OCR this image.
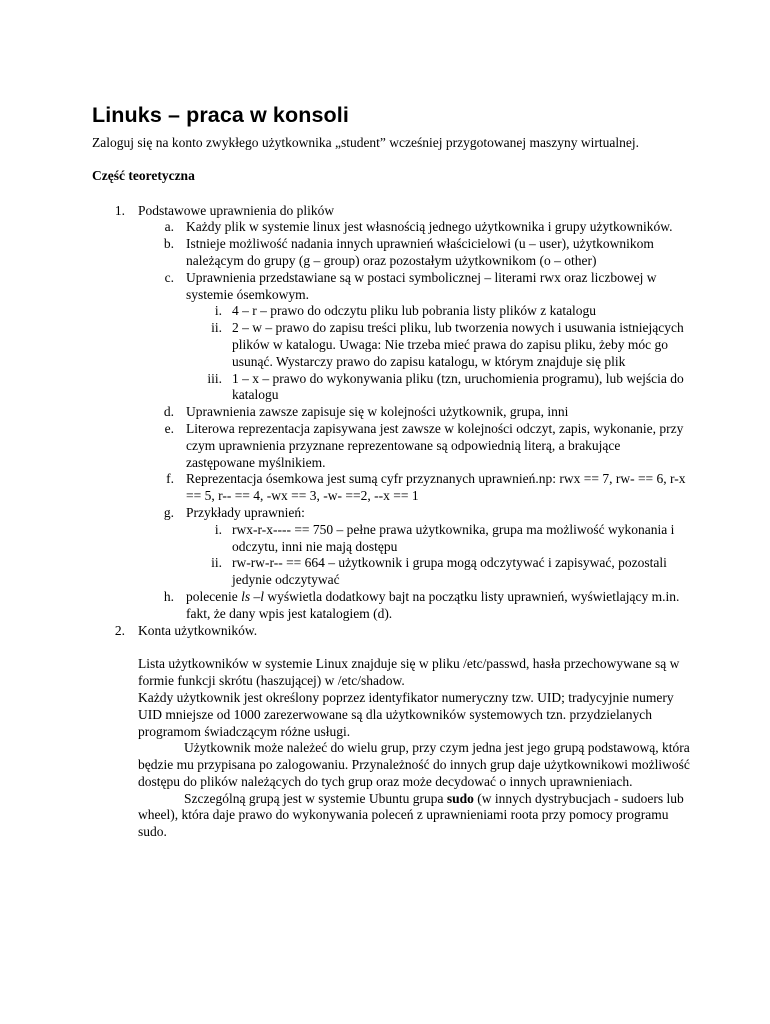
Linuks – praca w konsoli

Zaloguj się na konto zwykłego użytkownika „student” wcześniej przygotowanej maszyny wirtualnej.

Część teoretyczna

1. Podstawowe uprawnienia do plików
a. Każdy plik w systemie linux jest własnością jednego użytkownika i grupy użytkowników.
b. Istnieje możliwość nadania innych uprawnień właścicielowi (u – user), użytkownikom należącym do grupy (g – group) oraz pozostałym użytkownikom (o – other)
c. Uprawnienia przedstawiane są w postaci symbolicznej – literami rwx oraz liczbowej w systemie ósemkowym.
i. 4 – r – prawo do odczytu pliku lub pobrania listy plików z katalogu
ii. 2 – w – prawo do zapisu treści pliku, lub tworzenia nowych i usuwania istniejących plików w katalogu. Uwaga: Nie trzeba mieć prawa do zapisu pliku, żeby móc go usunąć. Wystarczy prawo do zapisu katalogu, w którym znajduje się plik
iii. 1 – x – prawo do wykonywania pliku (tzn, uruchomienia programu), lub wejścia do katalogu
d. Uprawnienia zawsze zapisuje się w kolejności użytkownik, grupa, inni
e. Literowa reprezentacja zapisywana jest zawsze w kolejności odczyt, zapis, wykonanie, przy czym uprawnienia przyznane reprezentowane są odpowiednią literą, a brakujące zastępowane myślnikiem.
f. Reprezentacja ósemkowa jest sumą cyfr przyznanych uprawnień.np: rwx == 7, rw- == 6, r-x == 5, r-- == 4, -wx == 3, -w- ==2, --x == 1
g. Przykłady uprawnień:
i. rwx-r-x---- == 750 – pełne prawa użytkownika, grupa ma możliwość wykonania i odczytu, inni nie mają dostępu
ii. rw-rw-r-- == 664 – użytkownik i grupa mogą odczytywać i zapisywać, pozostali jedynie odczytywać
h. polecenie ls –l wyświetla dodatkowy bajt na początku listy uprawnień, wyświetlający m.in. fakt, że dany wpis jest katalogiem (d).
2. Konta użytkowników.

Lista użytkowników w systemie Linux znajduje się w pliku /etc/passwd, hasła przechowywane są w formie funkcji skrótu (haszującej) w /etc/shadow.

Każdy użytkownik jest określony poprzez identyfikator numeryczny tzw. UID; tradycyjnie numery UID mniejsze od 1000 zarezerwowane są dla użytkowników systemowych tzn. przydzielanych programom świadczącym różne usługi.

Użytkownik może należeć do wielu grup, przy czym jedna jest jego grupą podstawową, która będzie mu przypisana po zalogowaniu. Przynależność do innych grup daje użytkownikowi możliwość dostępu do plików należących do tych grup oraz może decydować o innych uprawnieniach.

Szczególną grupą jest w systemie Ubuntu grupa sudo (w innych dystrybucjach - sudoers lub wheel), która daje prawo do wykonywania poleceń z uprawnieniami roota przy pomocy programu sudo.
